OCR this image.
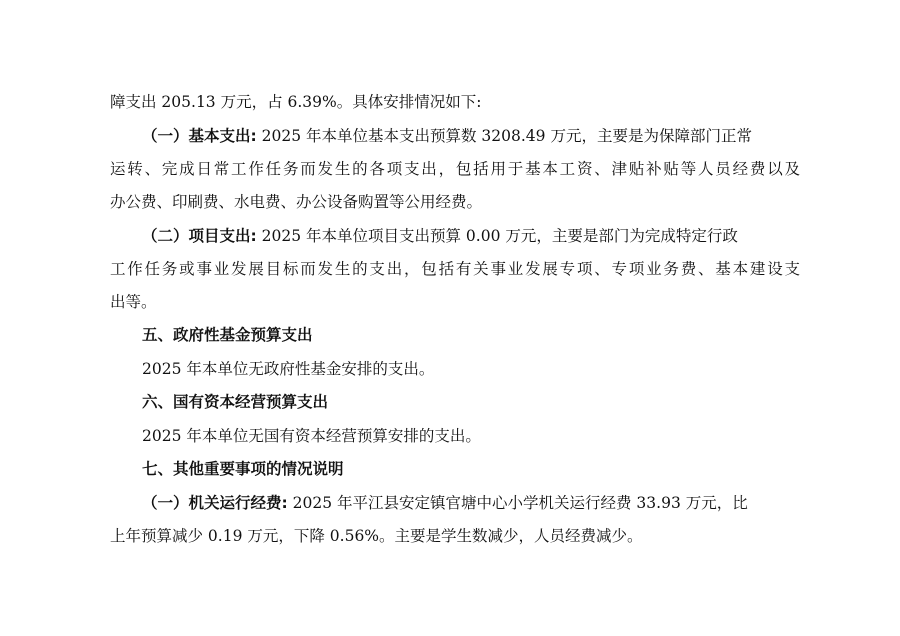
障支出 205.13 万元，占 6.39%。具体安排情况如下:
（一）基本支出: 2025 年本单位基本支出预算数 3208.49 万元，主要是为保障部门正常
运转、完成日常工作任务而发生的各项支出，包括用于基本工资、津贴补贴等人员经费以及
办公费、印刷费、水电费、办公设备购置等公用经费。
（二）项目支出: 2025 年本单位项目支出预算 0.00 万元，主要是部门为完成特定行政
工作任务或事业发展目标而发生的支出，包括有关事业发展专项、专项业务费、基本建设支
出等。
五、政府性基金预算支出
2025 年本单位无政府性基金安排的支出。
六、国有资本经营预算支出
2025 年本单位无国有资本经营预算安排的支出。
七、其他重要事项的情况说明
（一）机关运行经费: 2025 年平江县安定镇官塘中心小学机关运行经费 33.93 万元，比
上年预算减少 0.19 万元，下降 0.56%。主要是学生数减少，人员经费减少。
